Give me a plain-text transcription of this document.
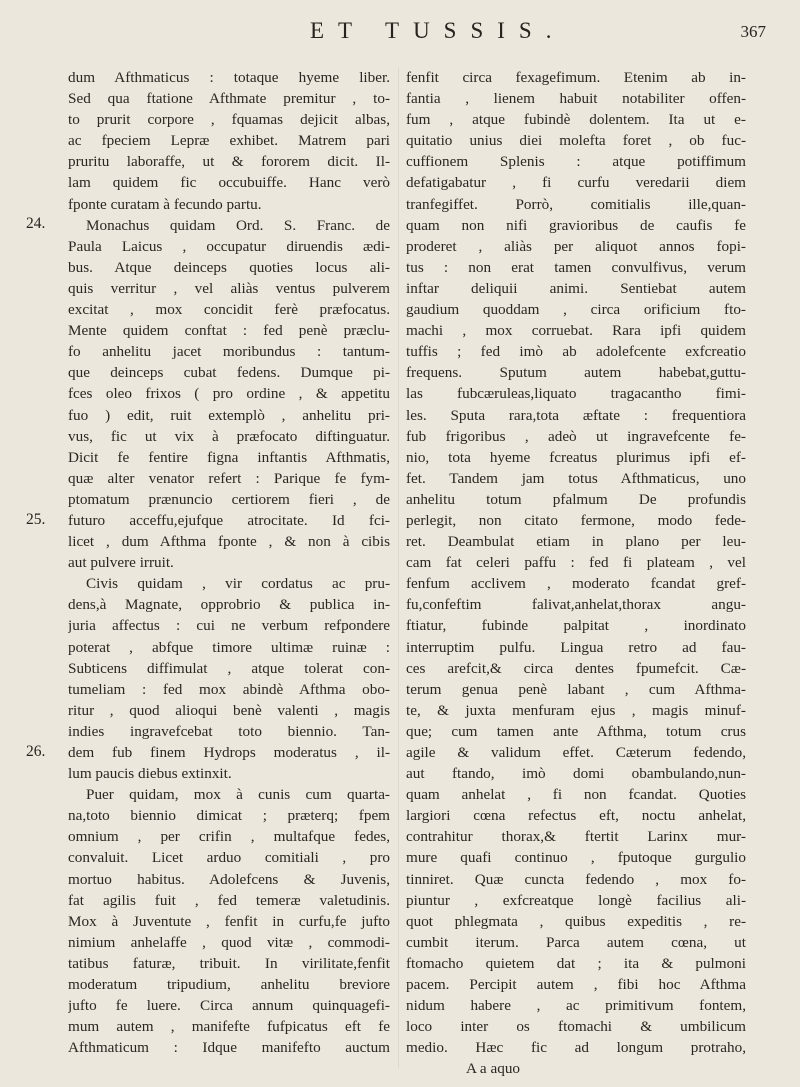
ET TUSSIS.	367
24.
25.
26.
dum Afthmaticus : totaque hyeme liber.
Sed qua ftatione Afthmate premitur , to-
to prurit corpore , fquamas dejicit albas,
ac fpeciem Lepræ exhibet. Matrem pari
pruritu laboraffe, ut & fororem dicit. Il-
lam quidem fic occubuiffe. Hanc verò
fponte curatam à fecundo partu.
Monachus quidam Ord. S. Franc. de
Paula Laicus , occupatur diruendis ædi-
bus. Atque deinceps quoties locus ali-
quis verritur , vel aliàs ventus pulverem
excitat , mox concidit ferè præfocatus.
Mente quidem conftat : fed penè præclu-
fo anhelitu jacet moribundus : tantum-
que deinceps cubat fedens. Dumque pi-
fces oleo frixos ( pro ordine , & appetitu
fuo ) edit, ruit extemplò , anhelitu pri-
vus, fic ut vix à præfocato diftinguatur.
Dicit fe fentire figna inftantis Afthmatis,
quæ alter venator refert : Parique fe fym-
ptomatum prænuncio certiorem fieri , de
futuro acceffu,ejufque atrocitate. Id fci-
licet , dum Afthma fponte , & non à cibis
aut pulvere irruit.
Civis quidam , vir cordatus ac pru-
dens,à Magnate, opprobrio & publica in-
juria affectus : cui ne verbum refpondere
poterat , abfque timore ultimæ ruinæ :
Subticens diffimulat , atque tolerat con-
tumeliam : fed mox abindè Afthma obo-
ritur , quod alioqui benè valenti , magis
indies ingravefcebat toto biennio. Tan-
dem fub finem Hydrops moderatus , il-
lum paucis diebus extinxit.
Puer quidam, mox à cunis cum quarta-
na,toto biennio dimicat ; præterq; fpem
omnium , per crifin , multafque fedes,
convaluit. Licet arduo comitiali , pro
mortuo habitus. Adolefcens & Juvenis,
fat agilis fuit , fed temeræ valetudinis.
Mox à Juventute , fenfit in curfu,fe jufto
nimium anhelaffe , quod vitæ , commodi-
tatibus faturæ, tribuit. In virilitate,fenfit
moderatum tripudium, anhelitu breviore
jufto fe luere. Circa annum quinquagefi-
mum autem , manifefte fufpicatus eft fe
Afthmaticum : Idque manifefto auctum
fenfit circa fexagefimum. Etenim ab in-
fantia , lienem habuit notabiliter offen-
fum , atque fubindè dolentem. Ita ut e-
quitatio unius diei molefta foret , ob fuc-
cuffionem Splenis : atque potiffimum
defatigabatur , fi curfu veredarii diem
tranfegiffet. Porrò, comitialis ille,quan-
quam non nifi gravioribus de caufis fe
proderet , aliàs per aliquot annos fopi-
tus : non erat tamen convulfivus, verum
inftar deliquii animi. Sentiebat autem
gaudium quoddam , circa orificium fto-
machi , mox corruebat. Rara ipfi quidem
tuffis ; fed imò ab adolefcente exfcreatio
frequens. Sputum autem habebat,guttu-
las fubcæruleas,liquato tragacantho fimi-
les. Sputa rara,tota æftate : frequentiora
fub frigoribus , adeò ut ingravefcente fe-
nio, tota hyeme fcreatus plurimus ipfi ef-
fet. Tandem jam totus Afthmaticus, uno
anhelitu totum pfalmum De profundis
perlegit, non citato fermone, modo fede-
ret. Deambulat etiam in plano per leu-
cam fat celeri paffu : fed fi plateam , vel
fenfum acclivem , moderato fcandat gref-
fu,confeftim falivat,anhelat,thorax angu-
ftiatur, fubinde palpitat , inordinato
interruptim pulfu. Lingua retro ad fau-
ces arefcit,& circa dentes fpumefcit. Cæ-
terum genua penè labant , cum Afthma-
te, & juxta menfuram ejus , magis minuf-
que; cum tamen ante Afthma, totum crus
agile & validum effet. Cæterum fedendo,
aut ftando, imò domi obambulando,nun-
quam anhelat , fi non fcandat. Quoties
largiori cœna refectus eft, noctu anhelat,
contrahitur thorax,& ftertit Larinx mur-
mure quafi continuo , fputoque gurgulio
tinniret. Quæ cuncta fedendo , mox fo-
piuntur , exfcreatque longè facilius ali-
quot phlegmata , quibus expeditis , re-
cumbit iterum. Parca autem cœna, ut
ftomacho quietem dat ; ita & pulmoni
pacem. Percipit autem , fibi hoc Afthma
nidum habere , ac primitivum fontem,
loco inter os ftomachi & umbilicum
medio. Hæc fic ad longum protraho,
A a aquo
